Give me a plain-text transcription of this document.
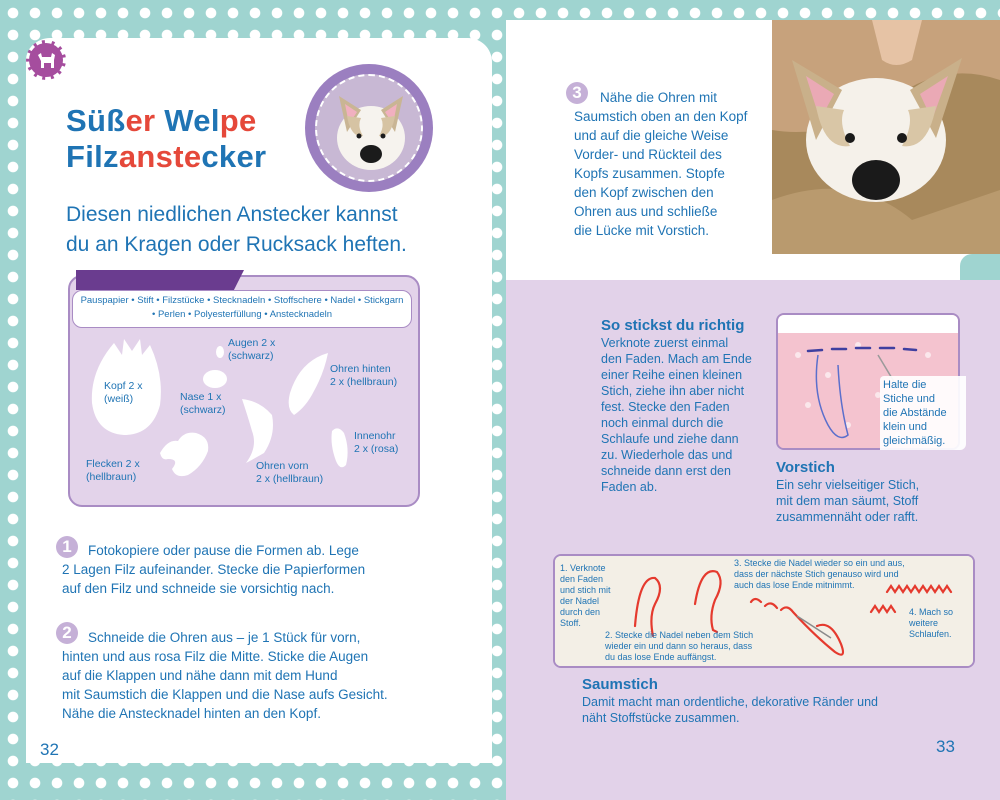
Süßer Welpe
Filzanstecker
Diesen niedlichen Anstecker kannst
du an Kragen oder Rucksack heften.
Pauspapier • Stift • Filzstücke • Stecknadeln • Stoffschere • Nadel • Stickgarn • Perlen • Polyesterfüllung • Anstecknadeln
Kopf 2 x
(weiß)
Augen 2 x
(schwarz)
Ohren hinten
2 x (hellbraun)
Nase 1 x
(schwarz)
Innenohr
2 x (rosa)
Flecken 2 x
(hellbraun)
Ohren vorn
2 x (hellbraun)
1	Fotokopiere oder pause die Formen ab. Lege
2 Lagen Filz aufeinander. Stecke die Papierformen
auf den Filz und schneide sie vorsichtig nach.
2	Schneide die Ohren aus – je 1 Stück für vorn,
hinten und aus rosa Filz die Mitte. Sticke die Augen
auf die Klappen und nähe dann mit dem Hund
mit Saumstich die Klappen und die Nase aufs Gesicht.
Nähe die Anstecknadel hinten an den Kopf.
32
3	Nähe die Ohren mit
Saumstich oben an den Kopf
und auf die gleiche Weise
Vorder- und Rückteil des
Kopfs zusammen. Stopfe
den Kopf zwischen den
Ohren aus und schließe
die Lücke mit Vorstich.
So stickst du richtig
Verknote zuerst einmal
den Faden. Mach am Ende
einer Reihe einen kleinen
Stich, ziehe ihn aber nicht
fest. Stecke den Faden
noch einmal durch die
Schlaufe und ziehe dann
zu. Wiederhole das und
schneide dann erst den
Faden ab.
Halte die
Stiche und
die Abstände
klein und
gleichmäßig.
Vorstich
Ein sehr vielseitiger Stich,
mit dem man säumt, Stoff
zusammennäht oder rafft.
1. Verknote
den Faden
und stich mit
der Nadel
durch den
Stoff.
2. Stecke die Nadel neben dem Stich
wieder ein und dann so heraus, dass
du das lose Ende auffängst.
3. Stecke die Nadel wieder so ein und aus,
dass der nächste Stich genauso wird und
auch das lose Ende mitnimmt.
4. Mach so
weitere
Schlaufen.
Saumstich
Damit macht man ordentliche, dekorative Ränder und
näht Stoffstücke zusammen.
33
